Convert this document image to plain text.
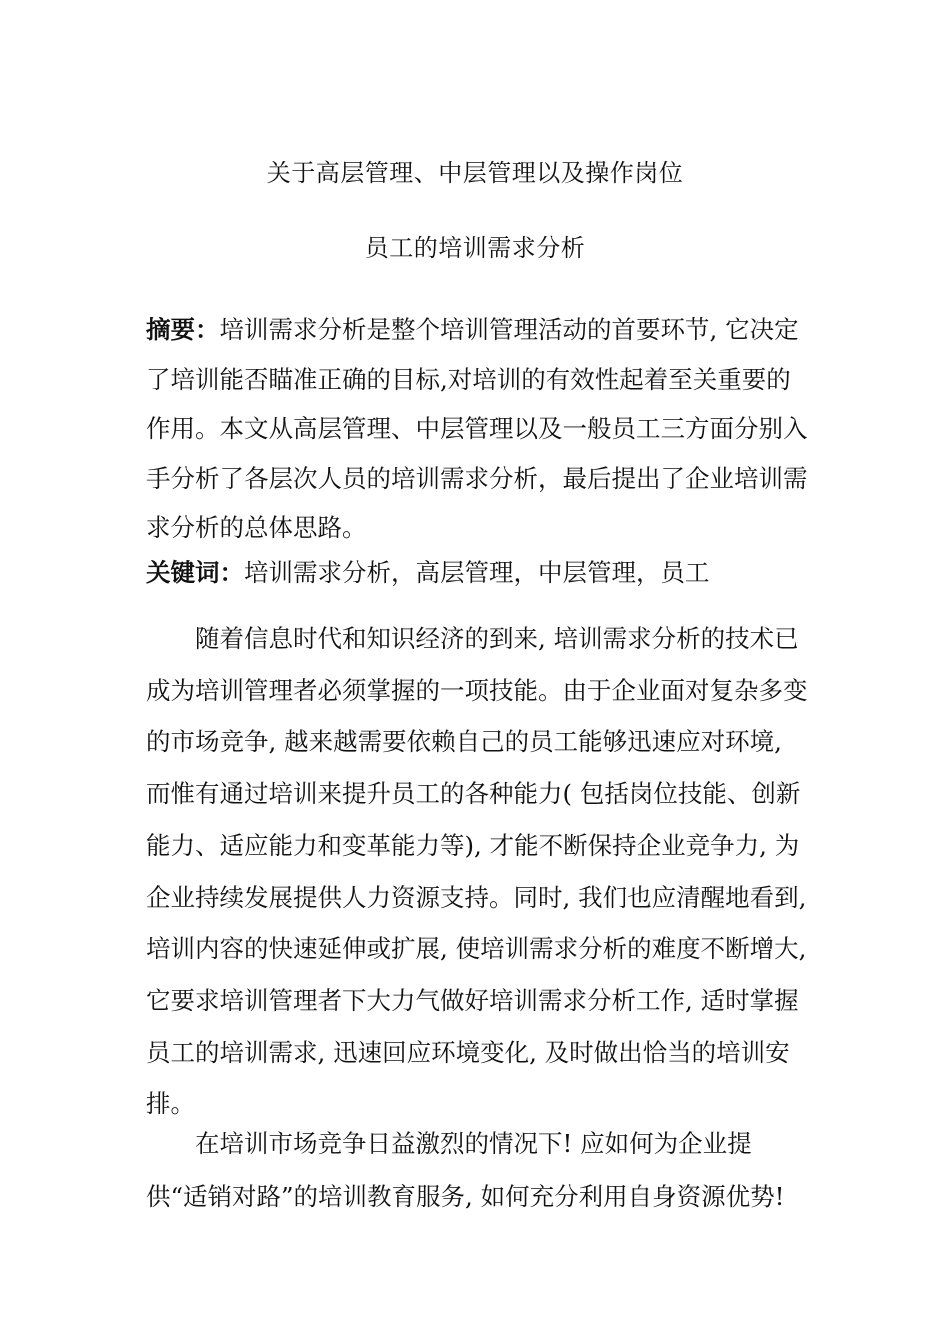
关于高层管理、中层管理以及操作岗位
员工的培训需求分析

摘要：培训需求分析是整个培训管理活动的首要环节, 它决定了培训能否瞄准正确的目标,对培训的有效性起着至关重要的作用。本文从高层管理、中层管理以及一般员工三方面分别入手分析了各层次人员的培训需求分析，最后提出了企业培训需求分析的总体思路。

关键词：培训需求分析，高层管理，中层管理，员工

随着信息时代和知识经济的到来, 培训需求分析的技术已成为培训管理者必须掌握的一项技能。由于企业面对复杂多变的市场竞争, 越来越需要依赖自己的员工能够迅速应对环境, 而惟有通过培训来提升员工的各种能力( 包括岗位技能、创新能力、适应能力和变革能力等), 才能不断保持企业竞争力, 为企业持续发展提供人力资源支持。同时, 我们也应清醒地看到, 培训内容的快速延伸或扩展, 使培训需求分析的难度不断增大, 它要求培训管理者下大力气做好培训需求分析工作, 适时掌握员工的培训需求, 迅速回应环境变化, 及时做出恰当的培训安排。

在培训市场竞争日益激烈的情况下! 应如何为企业提供“适销对路”的培训教育服务, 如何充分利用自身资源优势!
